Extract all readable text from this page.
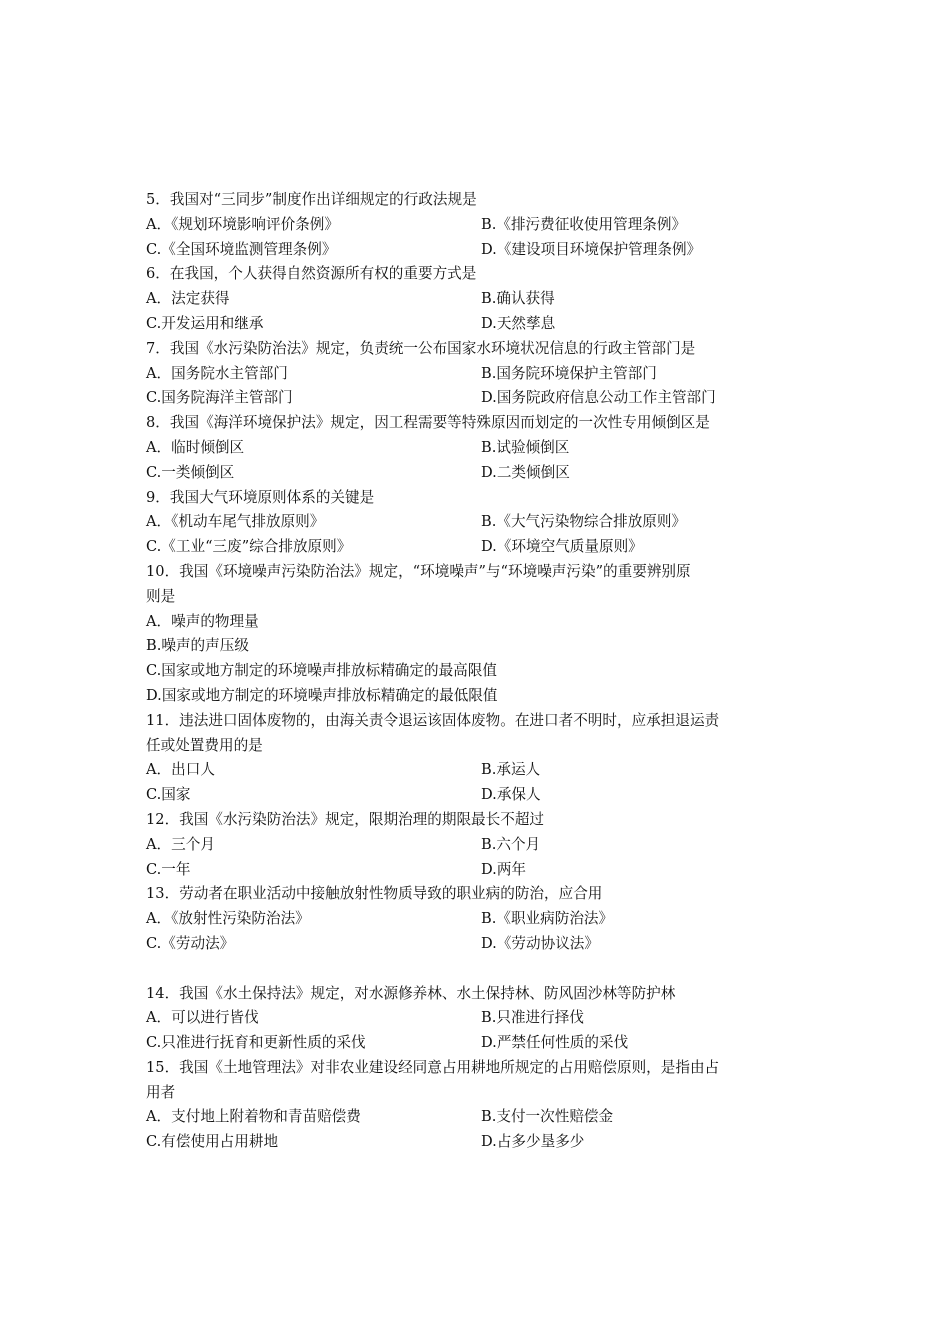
5．我国对“三同步”制度作出详细规定的行政法规是
A．《规划环境影响评价条例》	B.《排污费征收使用管理条例》
C.《全国环境监测管理条例》	D.《建设项目环境保护管理条例》
6．在我国，个人获得自然资源所有权的重要方式是
A．法定获得	B.确认获得
C.开发运用和继承	D.天然孳息
7．我国《水污染防治法》规定，负责统一公布国家水环境状况信息的行政主管部门是
A．国务院水主管部门	B.国务院环境保护主管部门
C.国务院海洋主管部门	D.国务院政府信息公动工作主管部门
8．我国《海洋环境保护法》规定，因工程需要等特殊原因而划定的一次性专用倾倒区是
A．临时倾倒区	B.试验倾倒区
C.一类倾倒区	D.二类倾倒区
9．我国大气环境原则体系的关键是
A．《机动车尾气排放原则》	B.《大气污染物综合排放原则》
C.《工业“三废”综合排放原则》	D.《环境空气质量原则》
10．我国《环境噪声污染防治法》规定，“环境噪声”与“环境噪声污染”的重要辨别原
则是
A．噪声的物理量
B.噪声的声压级
C.国家或地方制定的环境噪声排放标精确定的最高限值
D.国家或地方制定的环境噪声排放标精确定的最低限值
11．违法进口固体废物的，由海关责令退运该固体废物。在进口者不明时，应承担退运责
任或处置费用的是
A．出口人	B.承运人
C.国家	D.承保人
12．我国《水污染防治法》规定，限期治理的期限最长不超过
A．三个月	B.六个月
C.一年	D.两年
13．劳动者在职业活动中接触放射性物质导致的职业病的防治，应合用
A．《放射性污染防治法》	B.《职业病防治法》
C.《劳动法》	D.《劳动协议法》
14．我国《水土保持法》规定，对水源修养林、水土保持林、防风固沙林等防护林
A．可以进行皆伐	B.只准进行择伐
C.只准进行抚育和更新性质的采伐	D.严禁任何性质的采伐
15．我国《土地管理法》对非农业建设经同意占用耕地所规定的占用赔偿原则，是指由占
用者
A．支付地上附着物和青苗赔偿费	B.支付一次性赔偿金
C.有偿使用占用耕地	D.占多少垦多少
